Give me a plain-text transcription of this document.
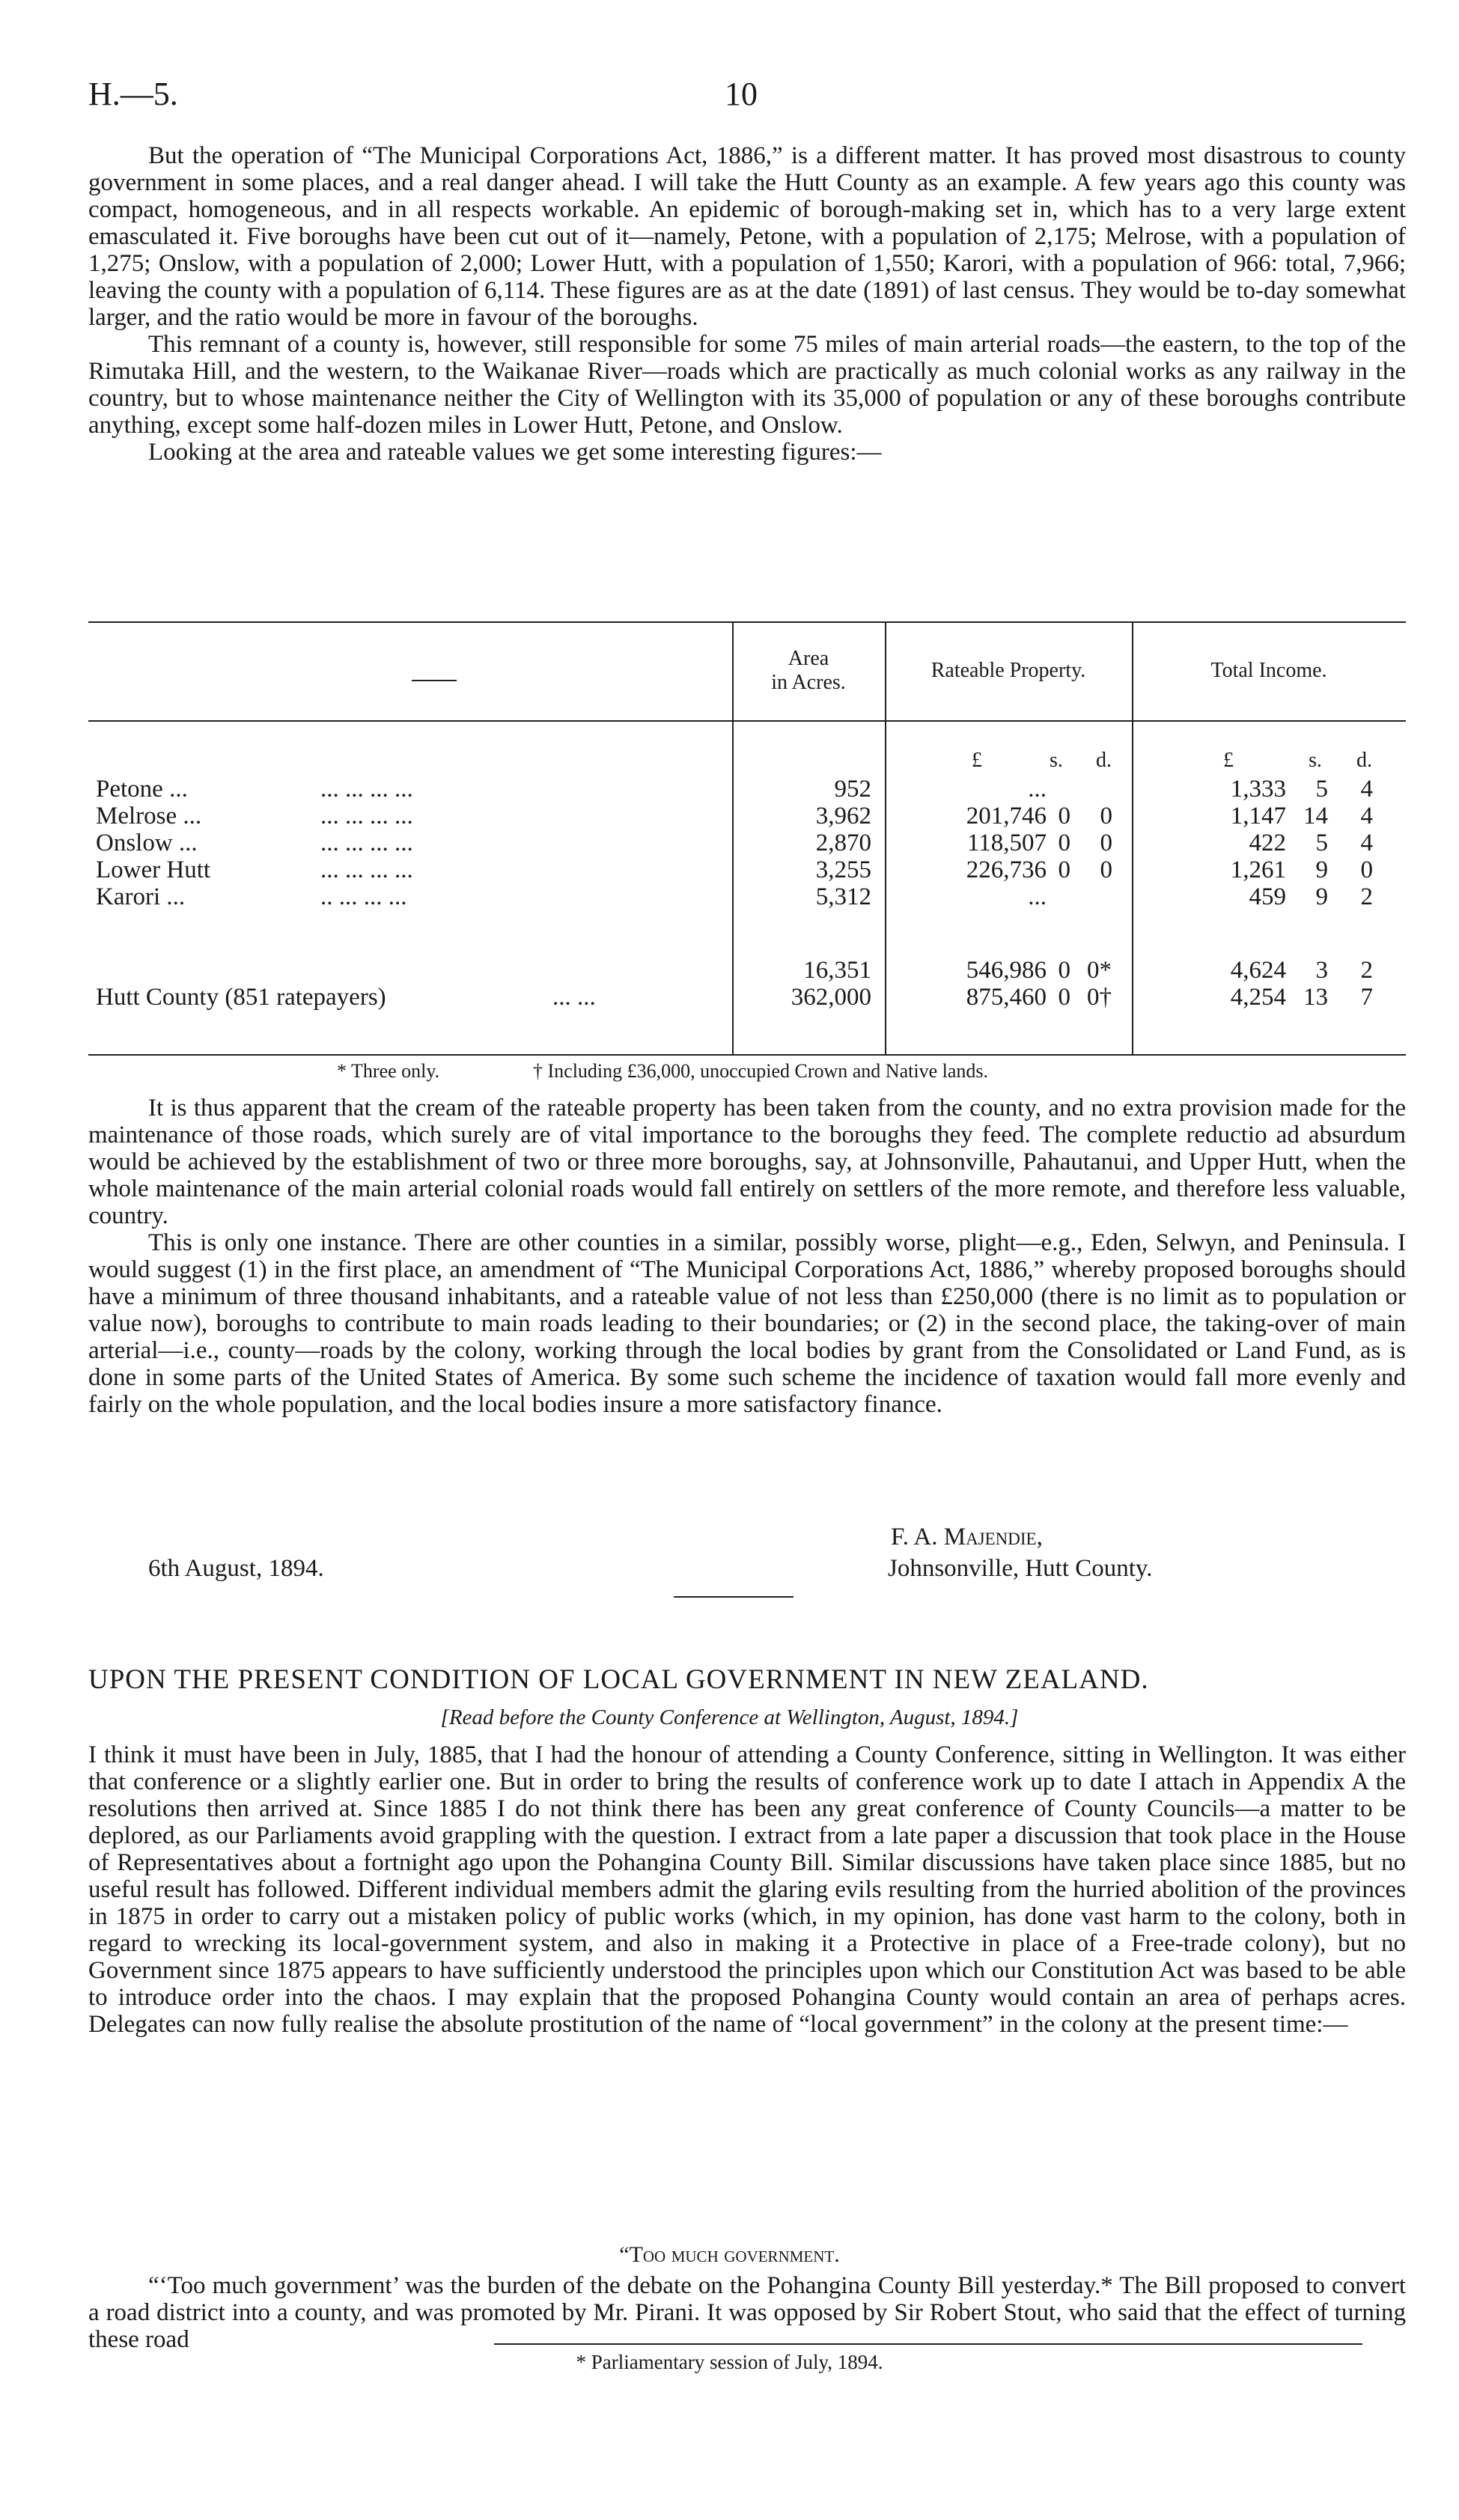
H.—5.	10

But the operation of “The Municipal Corporations Act, 1886,” is a different matter. It has proved most disastrous to county government in some places, and a real danger ahead. I will take the Hutt County as an example. A few years ago this county was compact, homogeneous, and in all respects workable. An epidemic of borough-making set in, which has to a very large extent emasculated it. Five boroughs have been cut out of it—namely, Petone, with a population of 2,175; Melrose, with a population of 1,275; Onslow, with a population of 2,000; Lower Hutt, with a population of 1,550; Karori, with a population of 966: total, 7,966; leaving the county with a population of 6,114. These figures are as at the date (1891) of last census. They would be to-day somewhat larger, and the ratio would be more in favour of the boroughs.

This remnant of a county is, however, still responsible for some 75 miles of main arterial roads—the eastern, to the top of the Rimutaka Hill, and the western, to the Waikanae River—roads which are practically as much colonial works as any railway in the country, but to whose maintenance neither the City of Wellington with its 35,000 of population or any of these boroughs contribute anything, except some half-dozen miles in Lower Hutt, Petone, and Onslow.

Looking at the area and rateable values we get some interesting figures:—

Area
in Acres.
Rateable Property.	Total Income.
£	s. d.	£	s. d.
Petone ...	... ... ... ...	952	...	1,333	5	4
Melrose ...	... ... ... ...	3,962	201,746 0	0	1,147 14	4
Onslow ...	... ... ... ...	2,870	118,507 0	0	422	5	4
Lower Hutt	... ... ... ...	3,255	226,736 0	0	1,261	9	0
Karori ...	.. ... ... ...	5,312	...	459	9	2
16,351	546,986 0 0*	4,624	3	2
Hutt County (851 ratepayers)	... ...	362,000	875,460 0 0†	4,254 13	7
* Three only.	† Including £36,000, unoccupied Crown and Native lands.

It is thus apparent that the cream of the rateable property has been taken from the county, and no extra provision made for the maintenance of those roads, which surely are of vital importance to the boroughs they feed. The complete reductio ad absurdum would be achieved by the establishment of two or three more boroughs, say, at Johnsonville, Pahautanui, and Upper Hutt, when the whole maintenance of the main arterial colonial roads would fall entirely on settlers of the more remote, and therefore less valuable, country.

This is only one instance. There are other counties in a similar, possibly worse, plight—e.g., Eden, Selwyn, and Peninsula. I would suggest (1) in the first place, an amendment of “The Municipal Corporations Act, 1886,” whereby proposed boroughs should have a minimum of three thousand inhabitants, and a rateable value of not less than £250,000 (there is no limit as to population or value now), boroughs to contribute to main roads leading to their boundaries; or (2) in the second place, the taking-over of main arterial—i.e., county—roads by the colony, working through the local bodies by grant from the Consolidated or Land Fund, as is done in some parts of the United States of America. By some such scheme the incidence of taxation would fall more evenly and fairly on the whole population, and the local bodies insure a more satisfactory finance.

F. A. Majendie,
6th August, 1894.	Johnsonville, Hutt County.
UPON THE PRESENT CONDITION OF LOCAL GOVERNMENT IN NEW ZEALAND.
[Read before the County Conference at Wellington, August, 1894.]

I think it must have been in July, 1885, that I had the honour of attending a County Conference, sitting in Wellington. It was either that conference or a slightly earlier one. But in order to bring the results of conference work up to date I attach in Appendix A the resolutions then arrived at. Since 1885 I do not think there has been any great conference of County Councils—a matter to be deplored, as our Parliaments avoid grappling with the question. I extract from a late paper a discussion that took place in the House of Representatives about a fortnight ago upon the Pohangina County Bill. Similar discussions have taken place since 1885, but no useful result has followed. Different individual members admit the glaring evils resulting from the hurried abolition of the provinces in 1875 in order to carry out a mistaken policy of public works (which, in my opinion, has done vast harm to the colony, both in regard to wrecking its local-government system, and also in making it a Protective in place of a Free-trade colony), but no Government since 1875 appears to have sufficiently understood the principles upon which our Constitution Act was based to be able to introduce order into the chaos. I may explain that the proposed Pohangina County would contain an area of perhaps acres. Delegates can now fully realise the absolute prostitution of the name of “local government” in the colony at the present time:—

“Too much government.

“‘Too much government’ was the burden of the debate on the Pohangina County Bill yesterday.* The Bill proposed to convert a road district into a county, and was promoted by Mr. Pirani. It was opposed by Sir Robert Stout, who said that the effect of turning these road

* Parliamentary session of July, 1894.
